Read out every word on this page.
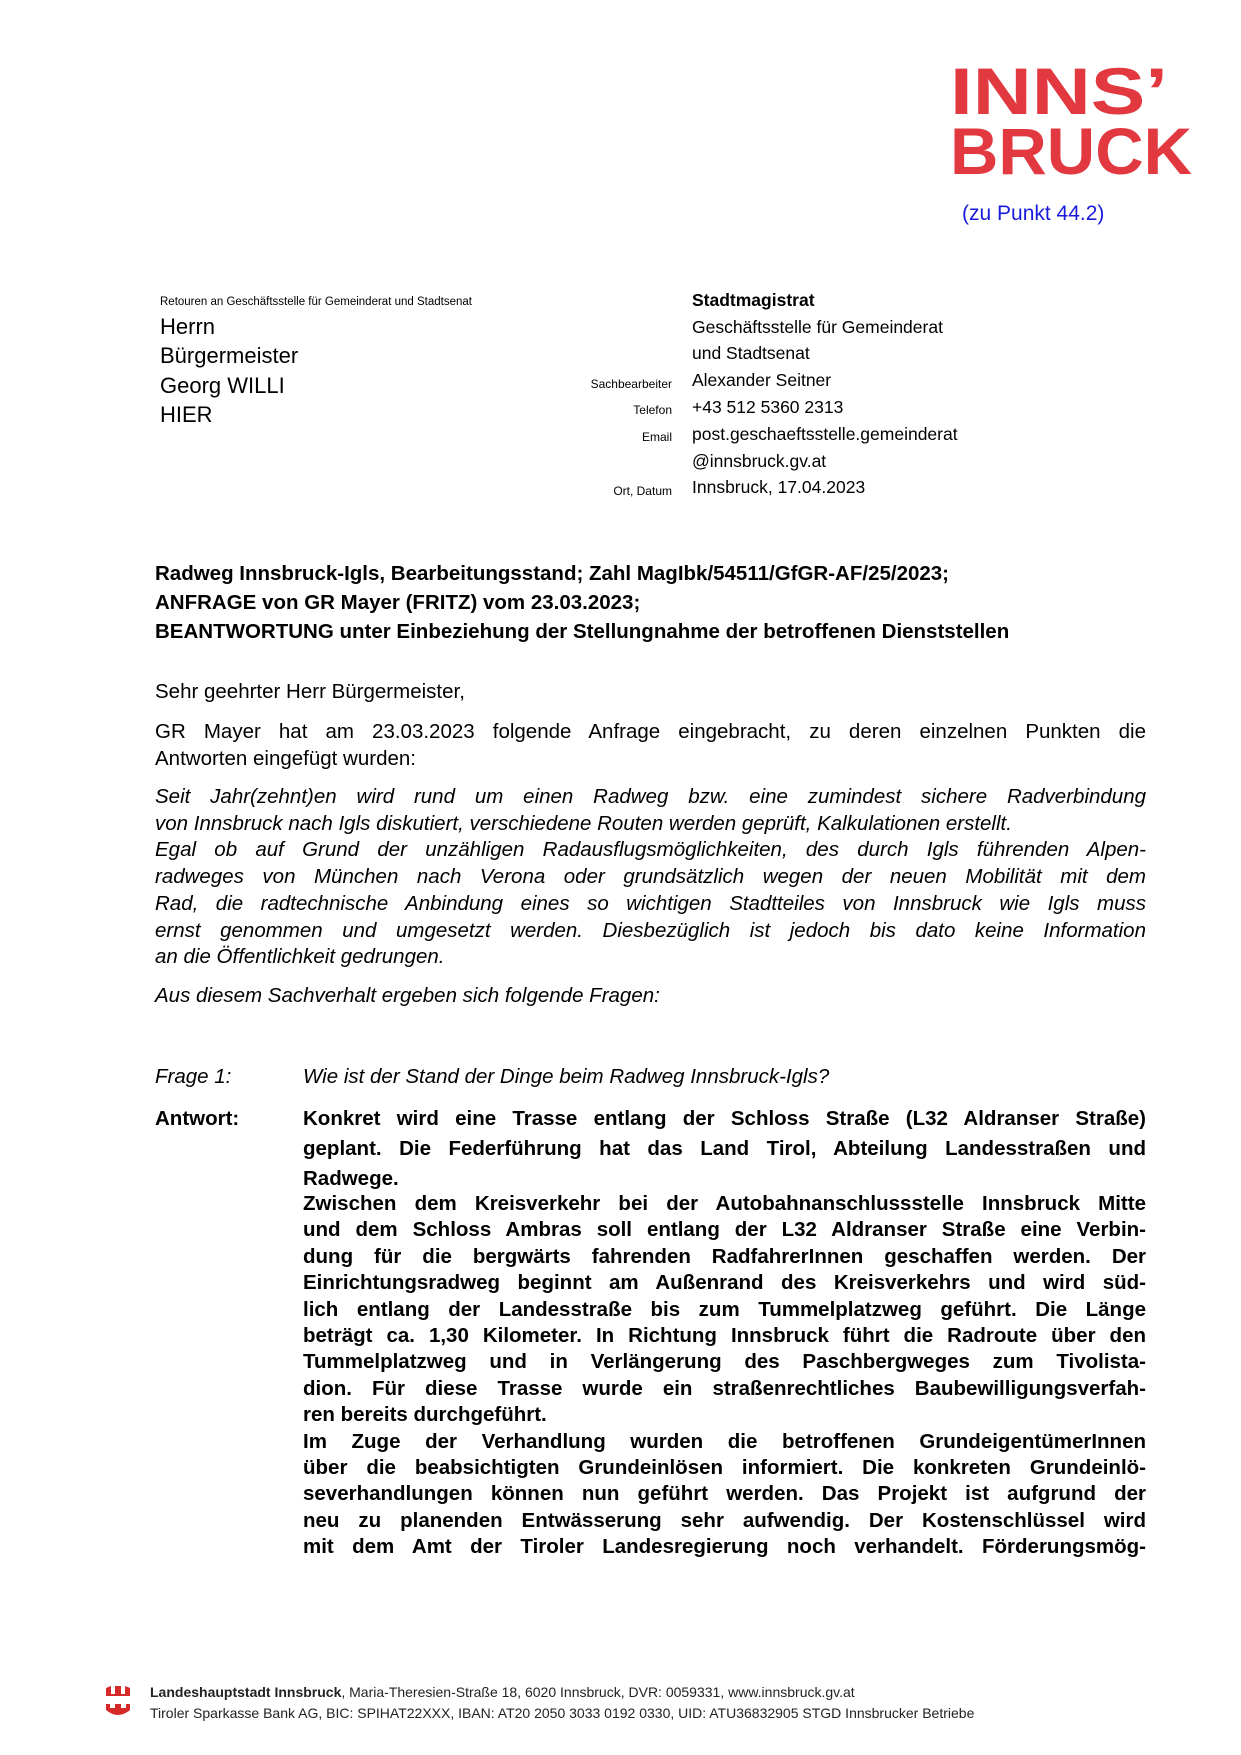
INNS’
BRUCK
(zu Punkt 44.2)
Retouren an Geschäftsstelle für Gemeinderat und Stadtsenat
Herrn
Bürgermeister
Georg WILLI
HIER
Stadtmagistrat
Geschäftsstelle für Gemeinderat
und Stadtsenat
Sachbearbeiter Alexander Seitner
Telefon +43 512 5360 2313
Email post.geschaeftsstelle.gemeinderat
@innsbruck.gv.at
Ort, Datum Innsbruck, 17.04.2023
Radweg Innsbruck-Igls, Bearbeitungsstand; Zahl MagIbk/54511/GfGR-AF/25/2023;
ANFRAGE von GR Mayer (FRITZ) vom 23.03.2023;
BEANTWORTUNG unter Einbeziehung der Stellungnahme der betroffenen Dienststellen
Sehr geehrter Herr Bürgermeister,
GR Mayer hat am 23.03.2023 folgende Anfrage eingebracht, zu deren einzelnen Punkten die
Antworten eingefügt wurden:
Seit Jahr(zehnt)en wird rund um einen Radweg bzw. eine zumindest sichere Radverbindung
von Innsbruck nach Igls diskutiert, verschiedene Routen werden geprüft, Kalkulationen erstellt.
Egal ob auf Grund der unzähligen Radausflugsmöglichkeiten, des durch Igls führenden Alpen-
radweges von München nach Verona oder grundsätzlich wegen der neuen Mobilität mit dem
Rad, die radtechnische Anbindung eines so wichtigen Stadtteiles von Innsbruck wie Igls muss
ernst genommen und umgesetzt werden. Diesbezüglich ist jedoch bis dato keine Information
an die Öffentlichkeit gedrungen.
Aus diesem Sachverhalt ergeben sich folgende Fragen:
Frage 1:	Wie ist der Stand der Dinge beim Radweg Innsbruck-Igls?
Antwort:	Konkret wird eine Trasse entlang der Schloss Straße (L32 Aldranser Straße)
geplant. Die Federführung hat das Land Tirol, Abteilung Landesstraßen und
Radwege.
Zwischen dem Kreisverkehr bei der Autobahnanschlussstelle Innsbruck Mitte
und dem Schloss Ambras soll entlang der L32 Aldranser Straße eine Verbin-
dung für die bergwärts fahrenden RadfahrerInnen geschaffen werden. Der
Einrichtungsradweg beginnt am Außenrand des Kreisverkehrs und wird süd-
lich entlang der Landesstraße bis zum Tummelplatzweg geführt. Die Länge
beträgt ca. 1,30 Kilometer. In Richtung Innsbruck führt die Radroute über den
Tummelplatzweg und in Verlängerung des Paschbergweges zum Tivolista-
dion. Für diese Trasse wurde ein straßenrechtliches Baubewilligungsverfah-
ren bereits durchgeführt.
Im Zuge der Verhandlung wurden die betroffenen GrundeigentümerInnen
über die beabsichtigten Grundeinlösen informiert. Die konkreten Grundeinlö-
severhandlungen können nun geführt werden. Das Projekt ist aufgrund der
neu zu planenden Entwässerung sehr aufwendig. Der Kostenschlüssel wird
mit dem Amt der Tiroler Landesregierung noch verhandelt. Förderungsmög-
Landeshauptstadt Innsbruck, Maria-Theresien-Straße 18, 6020 Innsbruck, DVR: 0059331, www.innsbruck.gv.at
Tiroler Sparkasse Bank AG, BIC: SPIHAT22XXX, IBAN: AT20 2050 3033 0192 0330, UID: ATU36832905 STGD Innsbrucker Betriebe
